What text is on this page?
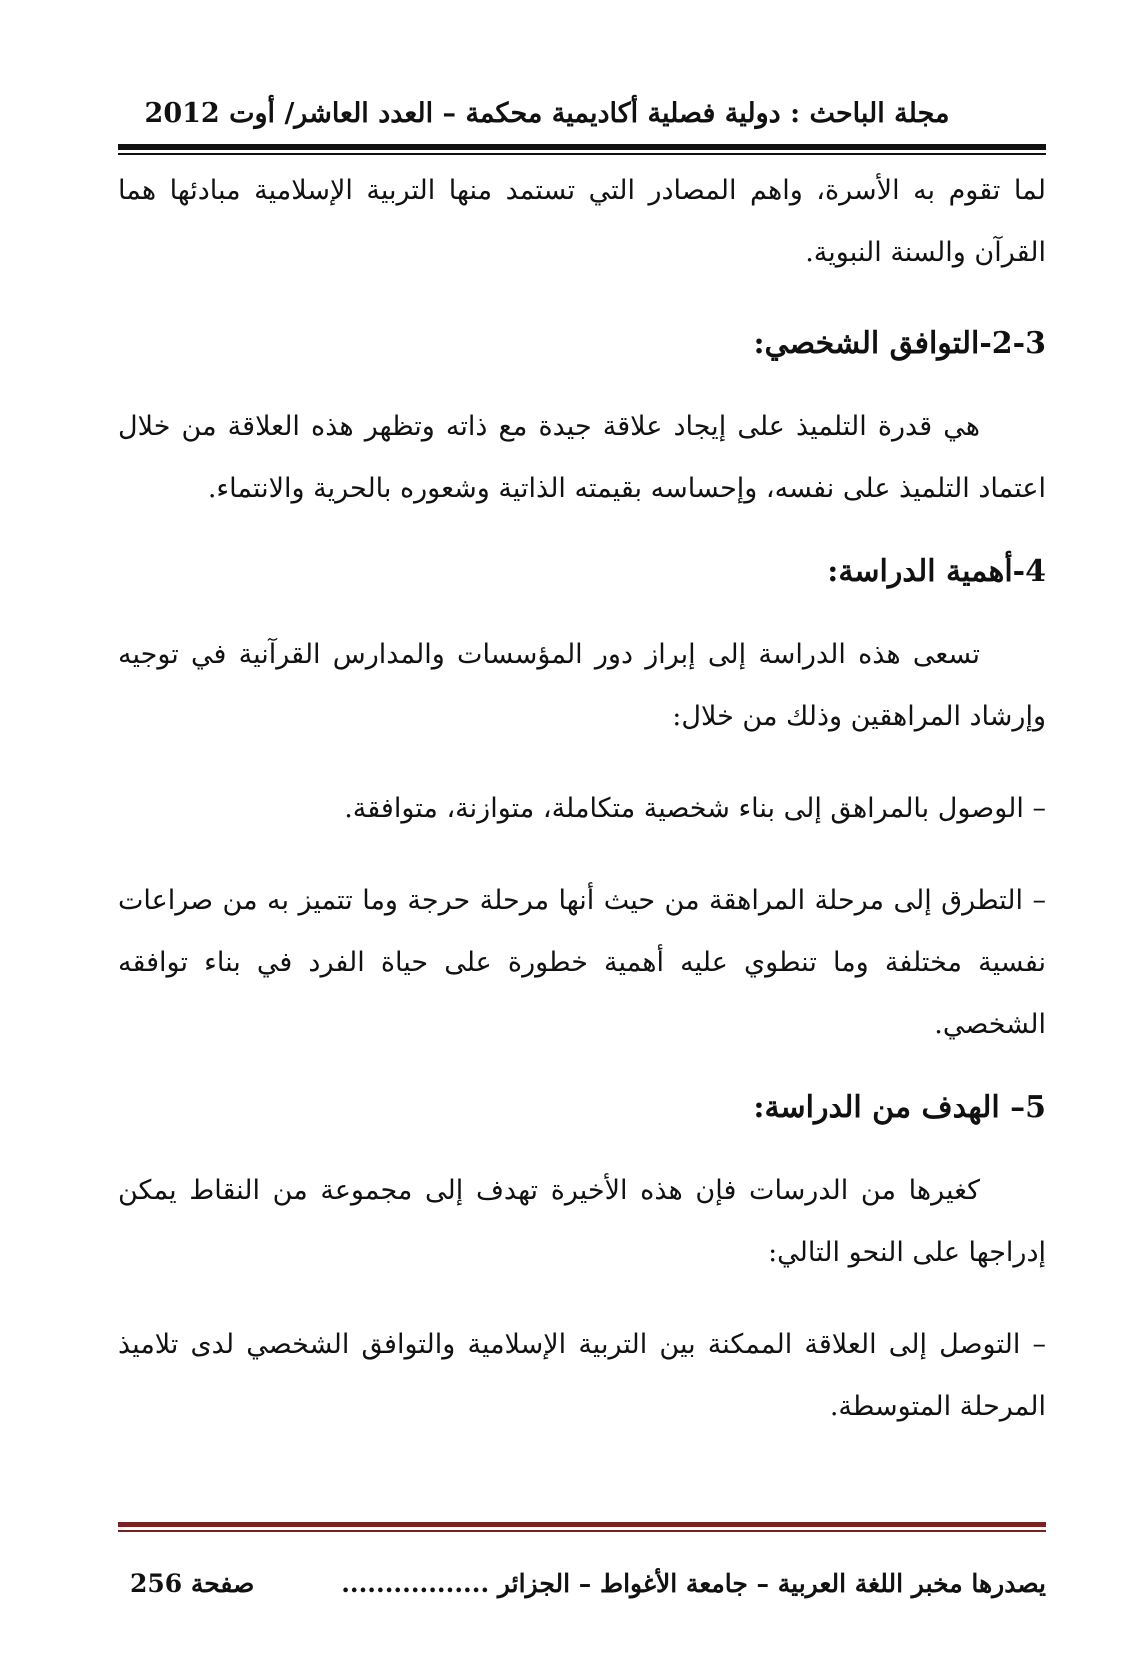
مجلة الباحث : دولية فصلية أكاديمية محكمة – العدد العاشر/ أوت 2012

لما تقوم به الأسرة، واهم المصادر التي تستمد منها التربية الإسلامية مبادئها هما القرآن والسنة النبوية.

2-3-التوافق الشخصي:

هي قدرة التلميذ على إيجاد علاقة جيدة مع ذاته وتظهر هذه العلاقة من خلال اعتماد التلميذ على نفسه، وإحساسه بقيمته الذاتية وشعوره بالحرية والانتماء.

4-أهمية الدراسة:

تسعى هذه الدراسة إلى إبراز دور المؤسسات والمدارس القرآنية في توجيه وإرشاد المراهقين وذلك من خلال:

– الوصول بالمراهق إلى بناء شخصية متكاملة، متوازنة، متوافقة.

– التطرق إلى مرحلة المراهقة من حيث أنها مرحلة حرجة وما تتميز به من صراعات نفسية مختلفة وما تنطوي عليه أهمية خطورة على حياة الفرد في بناء توافقه الشخصي.

5– الهدف من الدراسة:

كغيرها من الدرسات فإن هذه الأخيرة تهدف إلى مجموعة من النقاط يمكن إدراجها على النحو التالي:

– التوصل إلى العلاقة الممكنة بين التربية الإسلامية والتوافق الشخصي لدى تلاميذ المرحلة المتوسطة.

يصدرها مخبر اللغة العربية – جامعة الأغواط – الجزائر .................
صفحة 256
